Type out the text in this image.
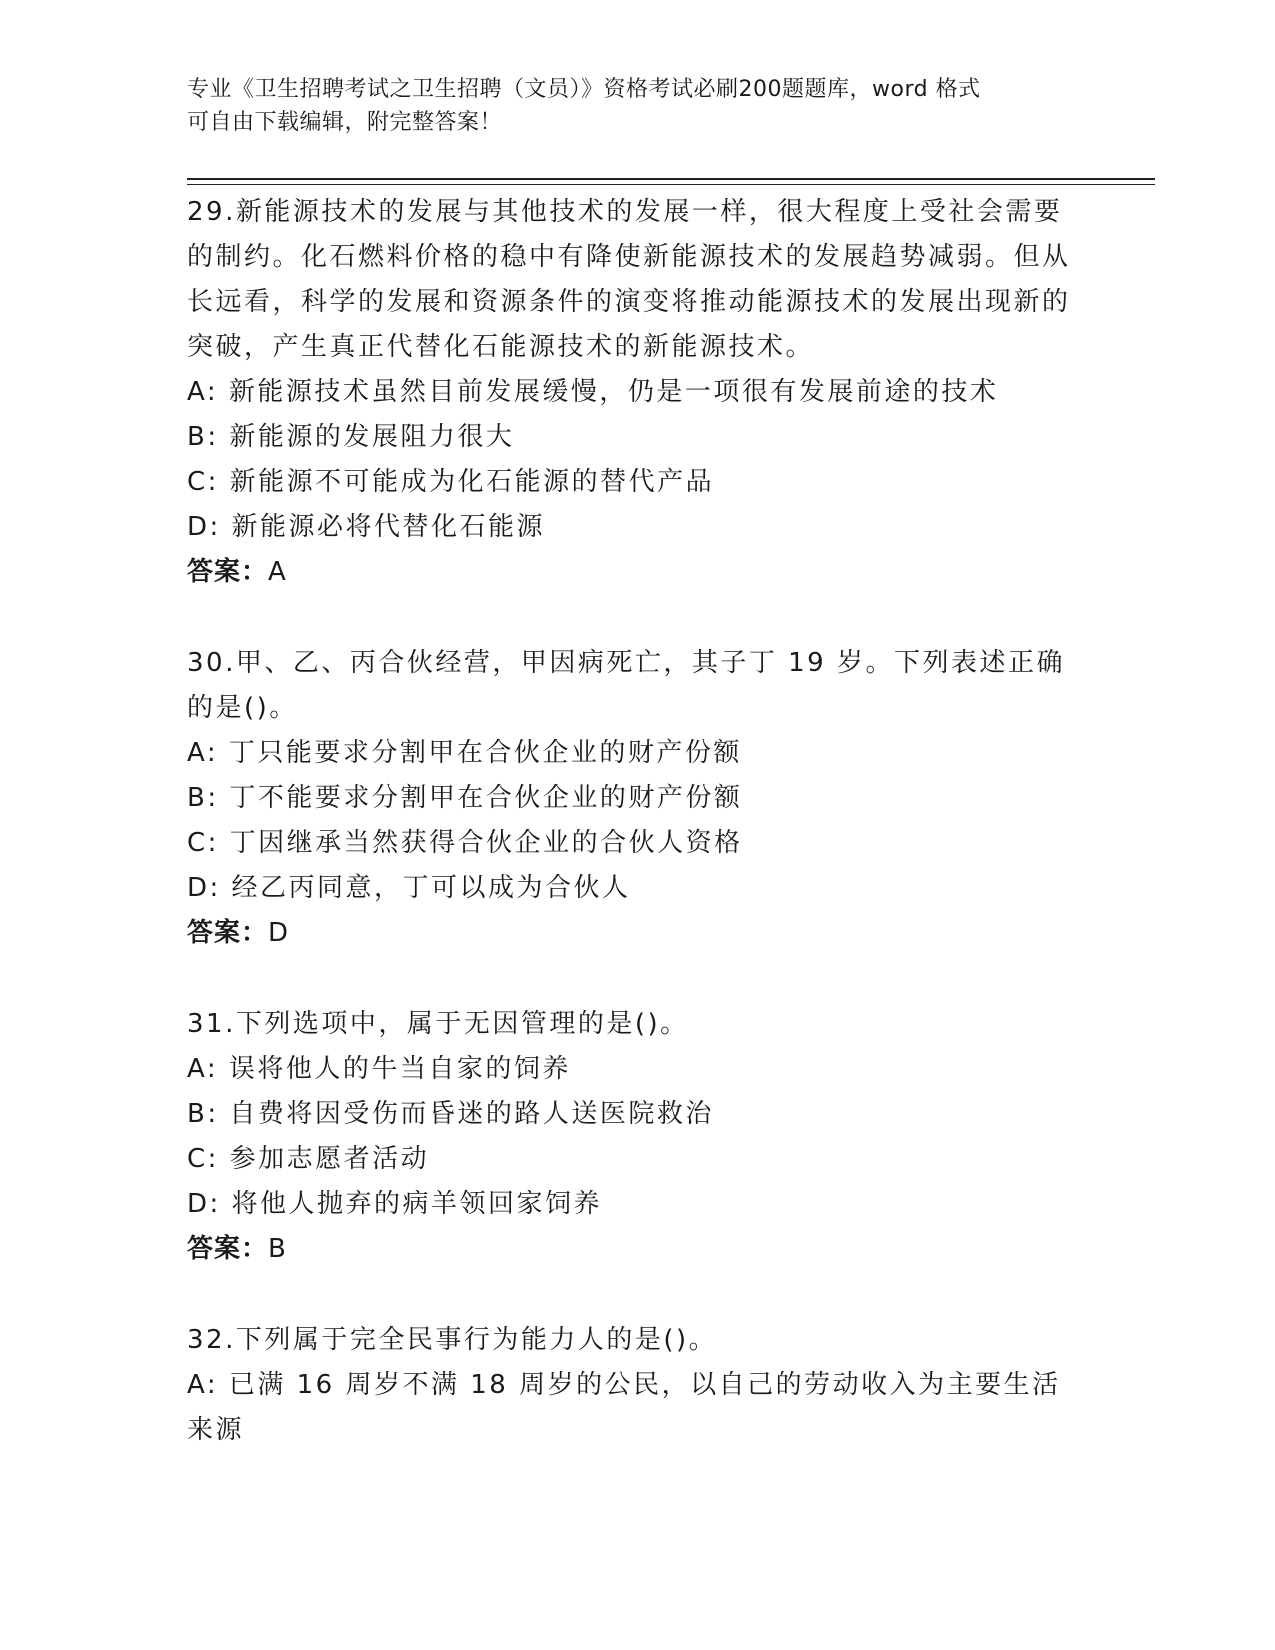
专业《卫生招聘考试之卫生招聘（文员）》资格考试必刷200题题库，word 格式
可自由下载编辑，附完整答案！

29.新能源技术的发展与其他技术的发展一样，很大程度上受社会需要的制约。化石燃料价格的稳中有降使新能源技术的发展趋势减弱。但从长远看，科学的发展和资源条件的演变将推动能源技术的发展出现新的突破，产生真正代替化石能源技术的新能源技术。

A: 新能源技术虽然目前发展缓慢，仍是一项很有发展前途的技术

B: 新能源的发展阻力很大

C: 新能源不可能成为化石能源的替代产品

D: 新能源必将代替化石能源

答案：A

30.甲、乙、丙合伙经营，甲因病死亡，其子丁 19 岁。下列表述正确的是()。

A: 丁只能要求分割甲在合伙企业的财产份额

B: 丁不能要求分割甲在合伙企业的财产份额

C: 丁因继承当然获得合伙企业的合伙人资格

D: 经乙丙同意，丁可以成为合伙人

答案：D

31.下列选项中，属于无因管理的是()。

A: 误将他人的牛当自家的饲养

B: 自费将因受伤而昏迷的路人送医院救治

C: 参加志愿者活动

D: 将他人抛弃的病羊领回家饲养

答案：B

32.下列属于完全民事行为能力人的是()。

A: 已满 16 周岁不满 18 周岁的公民，以自己的劳动收入为主要生活来源
